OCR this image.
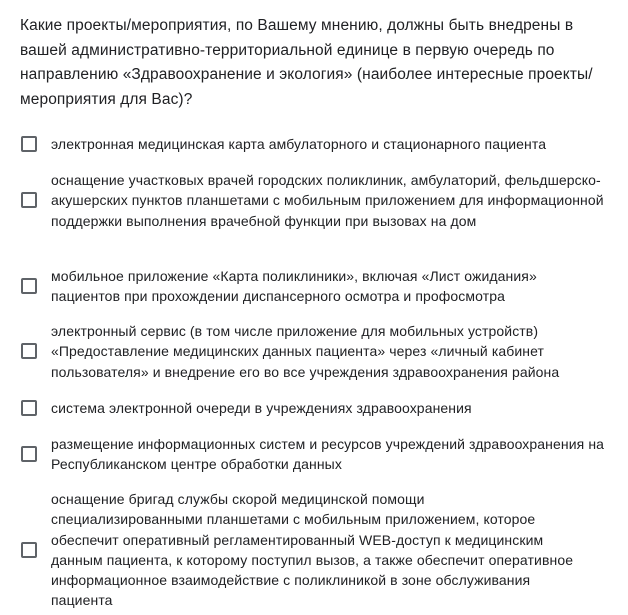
Какие проекты/мероприятия, по Вашему мнению, должны быть внедрены в вашей административно-территориальной единице в первую очередь по направлению «Здравоохранение и экология» (наиболее интересные проекты/мероприятия для Вас)?
электронная медицинская карта амбулаторного и стационарного пациента
оснащение участковых врачей городских поликлиник, амбулаторий, фельдшерско-акушерских пунктов планшетами с мобильным приложением для информационной поддержки выполнения врачебной функции при вызовах на дом
мобильное приложение «Карта поликлиники», включая «Лист ожидания» пациентов при прохождении диспансерного осмотра и профосмотра
электронный сервис (в том числе приложение для мобильных устройств) «Предоставление медицинских данных пациента» через «личный кабинет пользователя» и внедрение его во все учреждения здравоохранения района
система электронной очереди в учреждениях здравоохранения
размещение информационных систем и ресурсов учреждений здравоохранения на Республиканском центре обработки данных
оснащение бригад службы скорой медицинской помощи специализированными планшетами с мобильным приложением, которое обеспечит оперативный регламентированный WEB-доступ к медицинским данным пациента, к которому поступил вызов, а также обеспечит оперативное информационное взаимодействие с поликлиникой в зоне обслуживания пациента
